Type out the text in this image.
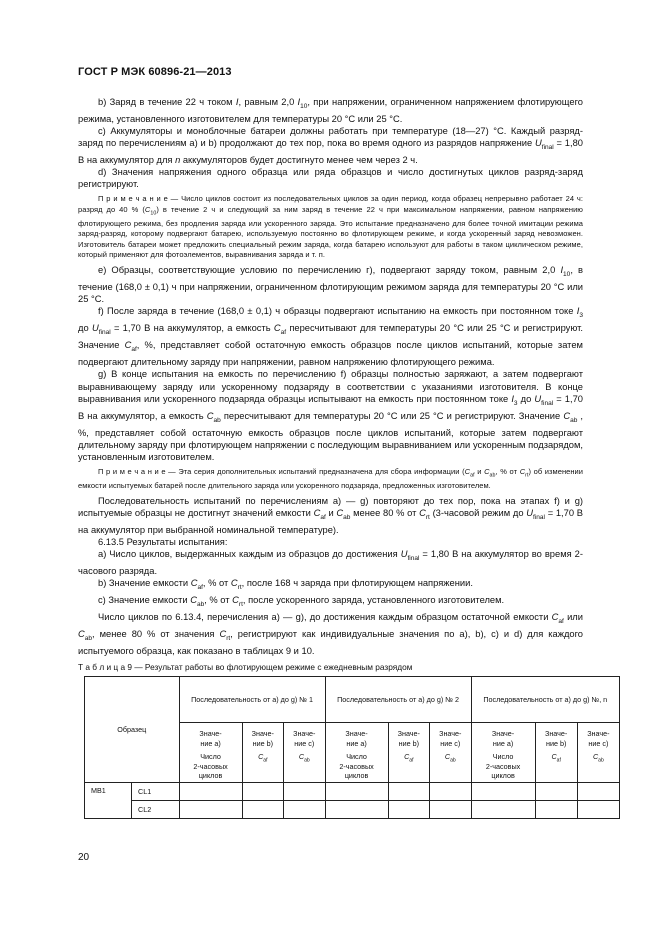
ГОСТ Р МЭК 60896-21—2013

b) Заряд в течение 22 ч током I, равным 2,0 $I_{10}$, при напряжении, ограниченном напряжением флотирующего режима, установленного изготовителем для температуры 20 °С или 25 °С.

с) Аккумуляторы и моноблочные батареи должны работать при температуре (18—27) °С. Каждый разряд-заряд по перечислениям а) и b) продолжают до тех пор, пока во время одного из разрядов напряжение $U_{final} = 1,80$ В на аккумулятор для n аккумуляторов будет достигнуто менее чем через 2 ч.

d) Значения напряжения одного образца или ряда образцов и число достигнутых циклов разряд-заряд регистрируют.

П р и м е ч а н и е — Число циклов состоит из последовательных циклов за один период, когда образец непрерывно работает 24 ч: разряд до 40 % $(C_{10})$ в течение 2 ч и следующий за ним заряд в течение 22 ч при максимальном напряжении, равном напряжению флотирующего режима, без продления заряда или ускоренного заряда. Это испытание предназначено для более точной имитации режима заряд-разряд, которому подвергают батарею, используемую постоянно во флотирующем режиме, и когда ускоренный заряд невозможен. Изготовитель батареи может предложить специальный режим заряда, когда батарею используют для работы в таком циклическом режиме, который применяют для фотоэлементов, выравнивания заряда и т. п.

е) Образцы, соответствующие условию по перечислению г), подвергают заряду током, равным 2,0 $I_{10}$, в течение (168,0 ± 0,1) ч при напряжении, ограниченном флотирующим режимом заряда для температуры 20 °С или 25 °С.

f) После заряда в течение (168,0 ± 0,1) ч образцы подвергают испытанию на емкость при постоянном токе $I_3$ до $U_{final} = 1,70$ В на аккумулятор, а емкость $C_{af}$ пересчитывают для температуры 20 °С или 25 °С и регистрируют. Значение $C_{af}$, %, представляет собой остаточную емкость образцов после циклов испытаний, которые затем подвергают длительному заряду при напряжении, равном напряжению флотирующего режима.

g) В конце испытания на емкость по перечислению f) образцы полностью заряжают, а затем подвергают выравнивающему заряду или ускоренному подзаряду в соответствии с указаниями изготовителя. В конце выравнивания или ускоренного подзаряда образцы испытывают на емкость при постоянном токе $I_3$ до $U_{final} = 1,70$ В на аккумулятор, а емкость $C_{ab}$ пересчитывают для температуры 20 °С или 25 °С и регистрируют. Значение $C_{ab}$ , %, представляет собой остаточную емкость образцов после циклов испытаний, которые затем подвергают длительному заряду при флотирующем напряжении с последующим выравниванием или ускоренным подзарядом, установленным изготовителем.

П р и м е ч а н и е — Эта серия дополнительных испытаний предназначена для сбора информации ($C_{af}$ и $C_{ab}$, % от $C_{rt}$) об изменении емкости испытуемых батарей после длительного заряда или ускоренного подзаряда, предложенных изготовителем.

Последовательность испытаний по перечислениям а) — g) повторяют до тех пор, пока на этапах f) и g) испытуемые образцы не достигнут значений емкости $C_{af}$ и $C_{ab}$ менее 80 % от $C_{rt}$ (3-часовой режим до $U_{final} = 1,70$ В на аккумулятор при выбранной номинальной температуре).

6.13.5 Результаты испытания:

а) Число циклов, выдержанных каждым из образцов до достижения $U_{final} = 1,80$ В на аккумулятор во время 2-часового разряда.

b) Значение емкости $C_{af}$, % от $C_{rt}$, после 168 ч заряда при флотирующем напряжении.

с) Значение емкости $C_{ab}$, % от $C_{rt}$, после ускоренного заряда, установленного изготовителем.

Число циклов по 6.13.4, перечисления а) — g), до достижения каждым образцом остаточной емкости $C_{af}$ или $C_{ab}$, менее 80 % от значения $C_{rt}$, регистрируют как индивидуальные значения по а), b), с) и d) для каждого испытуемого образца, как показано в таблицах 9 и 10.

Т а б л и ц а 9 — Результат работы во флотирующем режиме с ежедневным разрядом

Образец		Последовательность от а) до g) № 1			Последовательность от а) до g) № 2			Последовательность от а) до g) №, n		
		Значе-
ние а)

Число
2-часовых
циклов	Значе-
ние b)

$C_{af}$	Значе-
ние с)

$C_{ab}$	Значе-
ние а)

Число
2-часовых
циклов	Значе-
ние b)

$C_{af}$	Значе-
ние с)

$C_{ab}$	Значе-
ние а)

Число
2-часовых
циклов	Значе-
ние b)

$C_{af}$	Значе-
ние с)

$C_{ab}$

МВ1	CL1									
	CL2									
20
